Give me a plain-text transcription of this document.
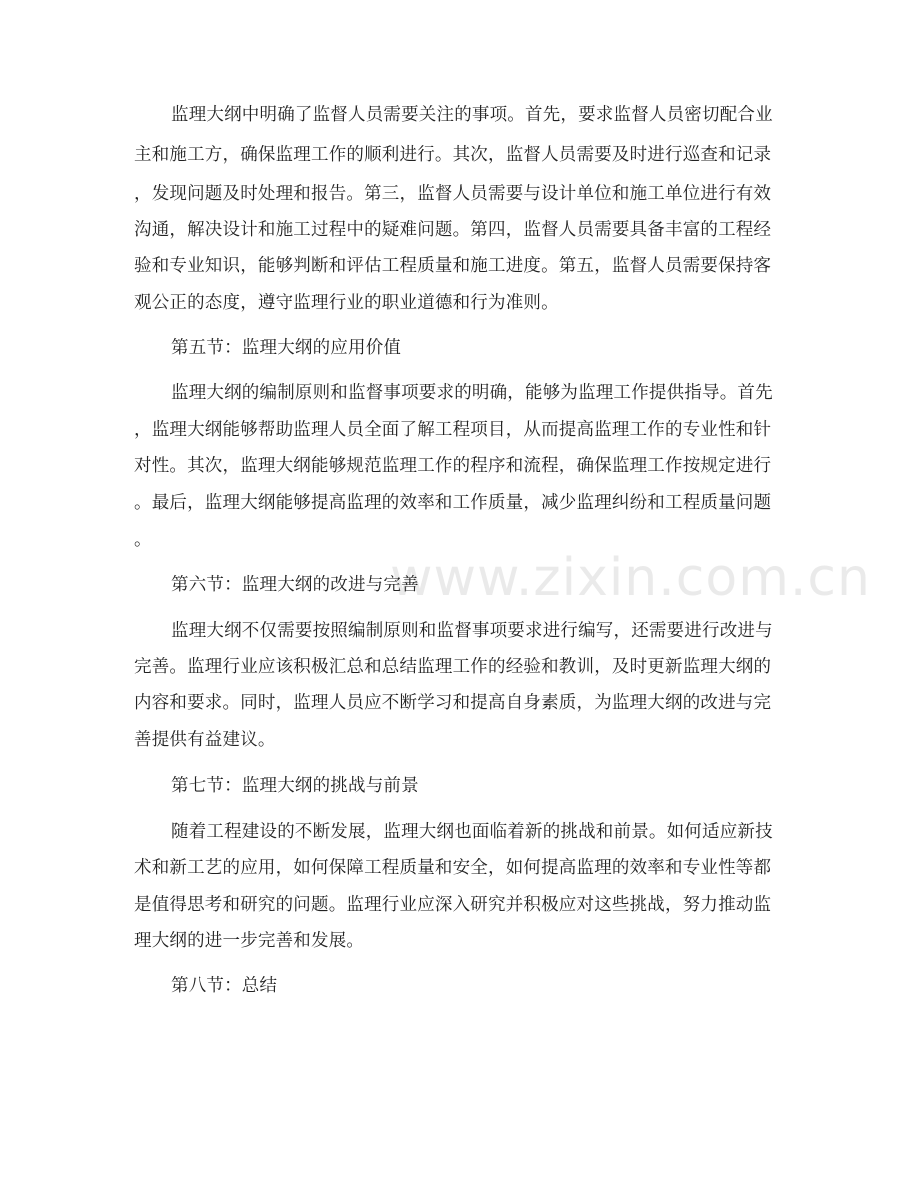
www.zixin.com.cn
监理大纲中明确了监督人员需要关注的事项。首先，要求监督人员密切配合业
主和施工方，确保监理工作的顺利进行。其次，监督人员需要及时进行巡查和记录
，发现问题及时处理和报告。第三，监督人员需要与设计单位和施工单位进行有效
沟通，解决设计和施工过程中的疑难问题。第四，监督人员需要具备丰富的工程经
验和专业知识，能够判断和评估工程质量和施工进度。第五，监督人员需要保持客
观公正的态度，遵守监理行业的职业道德和行为准则。
第五节：监理大纲的应用价值
监理大纲的编制原则和监督事项要求的明确，能够为监理工作提供指导。首先
，监理大纲能够帮助监理人员全面了解工程项目，从而提高监理工作的专业性和针
对性。其次，监理大纲能够规范监理工作的程序和流程，确保监理工作按规定进行
。最后，监理大纲能够提高监理的效率和工作质量，减少监理纠纷和工程质量问题
。
第六节：监理大纲的改进与完善
监理大纲不仅需要按照编制原则和监督事项要求进行编写，还需要进行改进与
完善。监理行业应该积极汇总和总结监理工作的经验和教训，及时更新监理大纲的
内容和要求。同时，监理人员应不断学习和提高自身素质，为监理大纲的改进与完
善提供有益建议。
第七节：监理大纲的挑战与前景
随着工程建设的不断发展，监理大纲也面临着新的挑战和前景。如何适应新技
术和新工艺的应用，如何保障工程质量和安全，如何提高监理的效率和专业性等都
是值得思考和研究的问题。监理行业应深入研究并积极应对这些挑战，努力推动监
理大纲的进一步完善和发展。
第八节：总结
